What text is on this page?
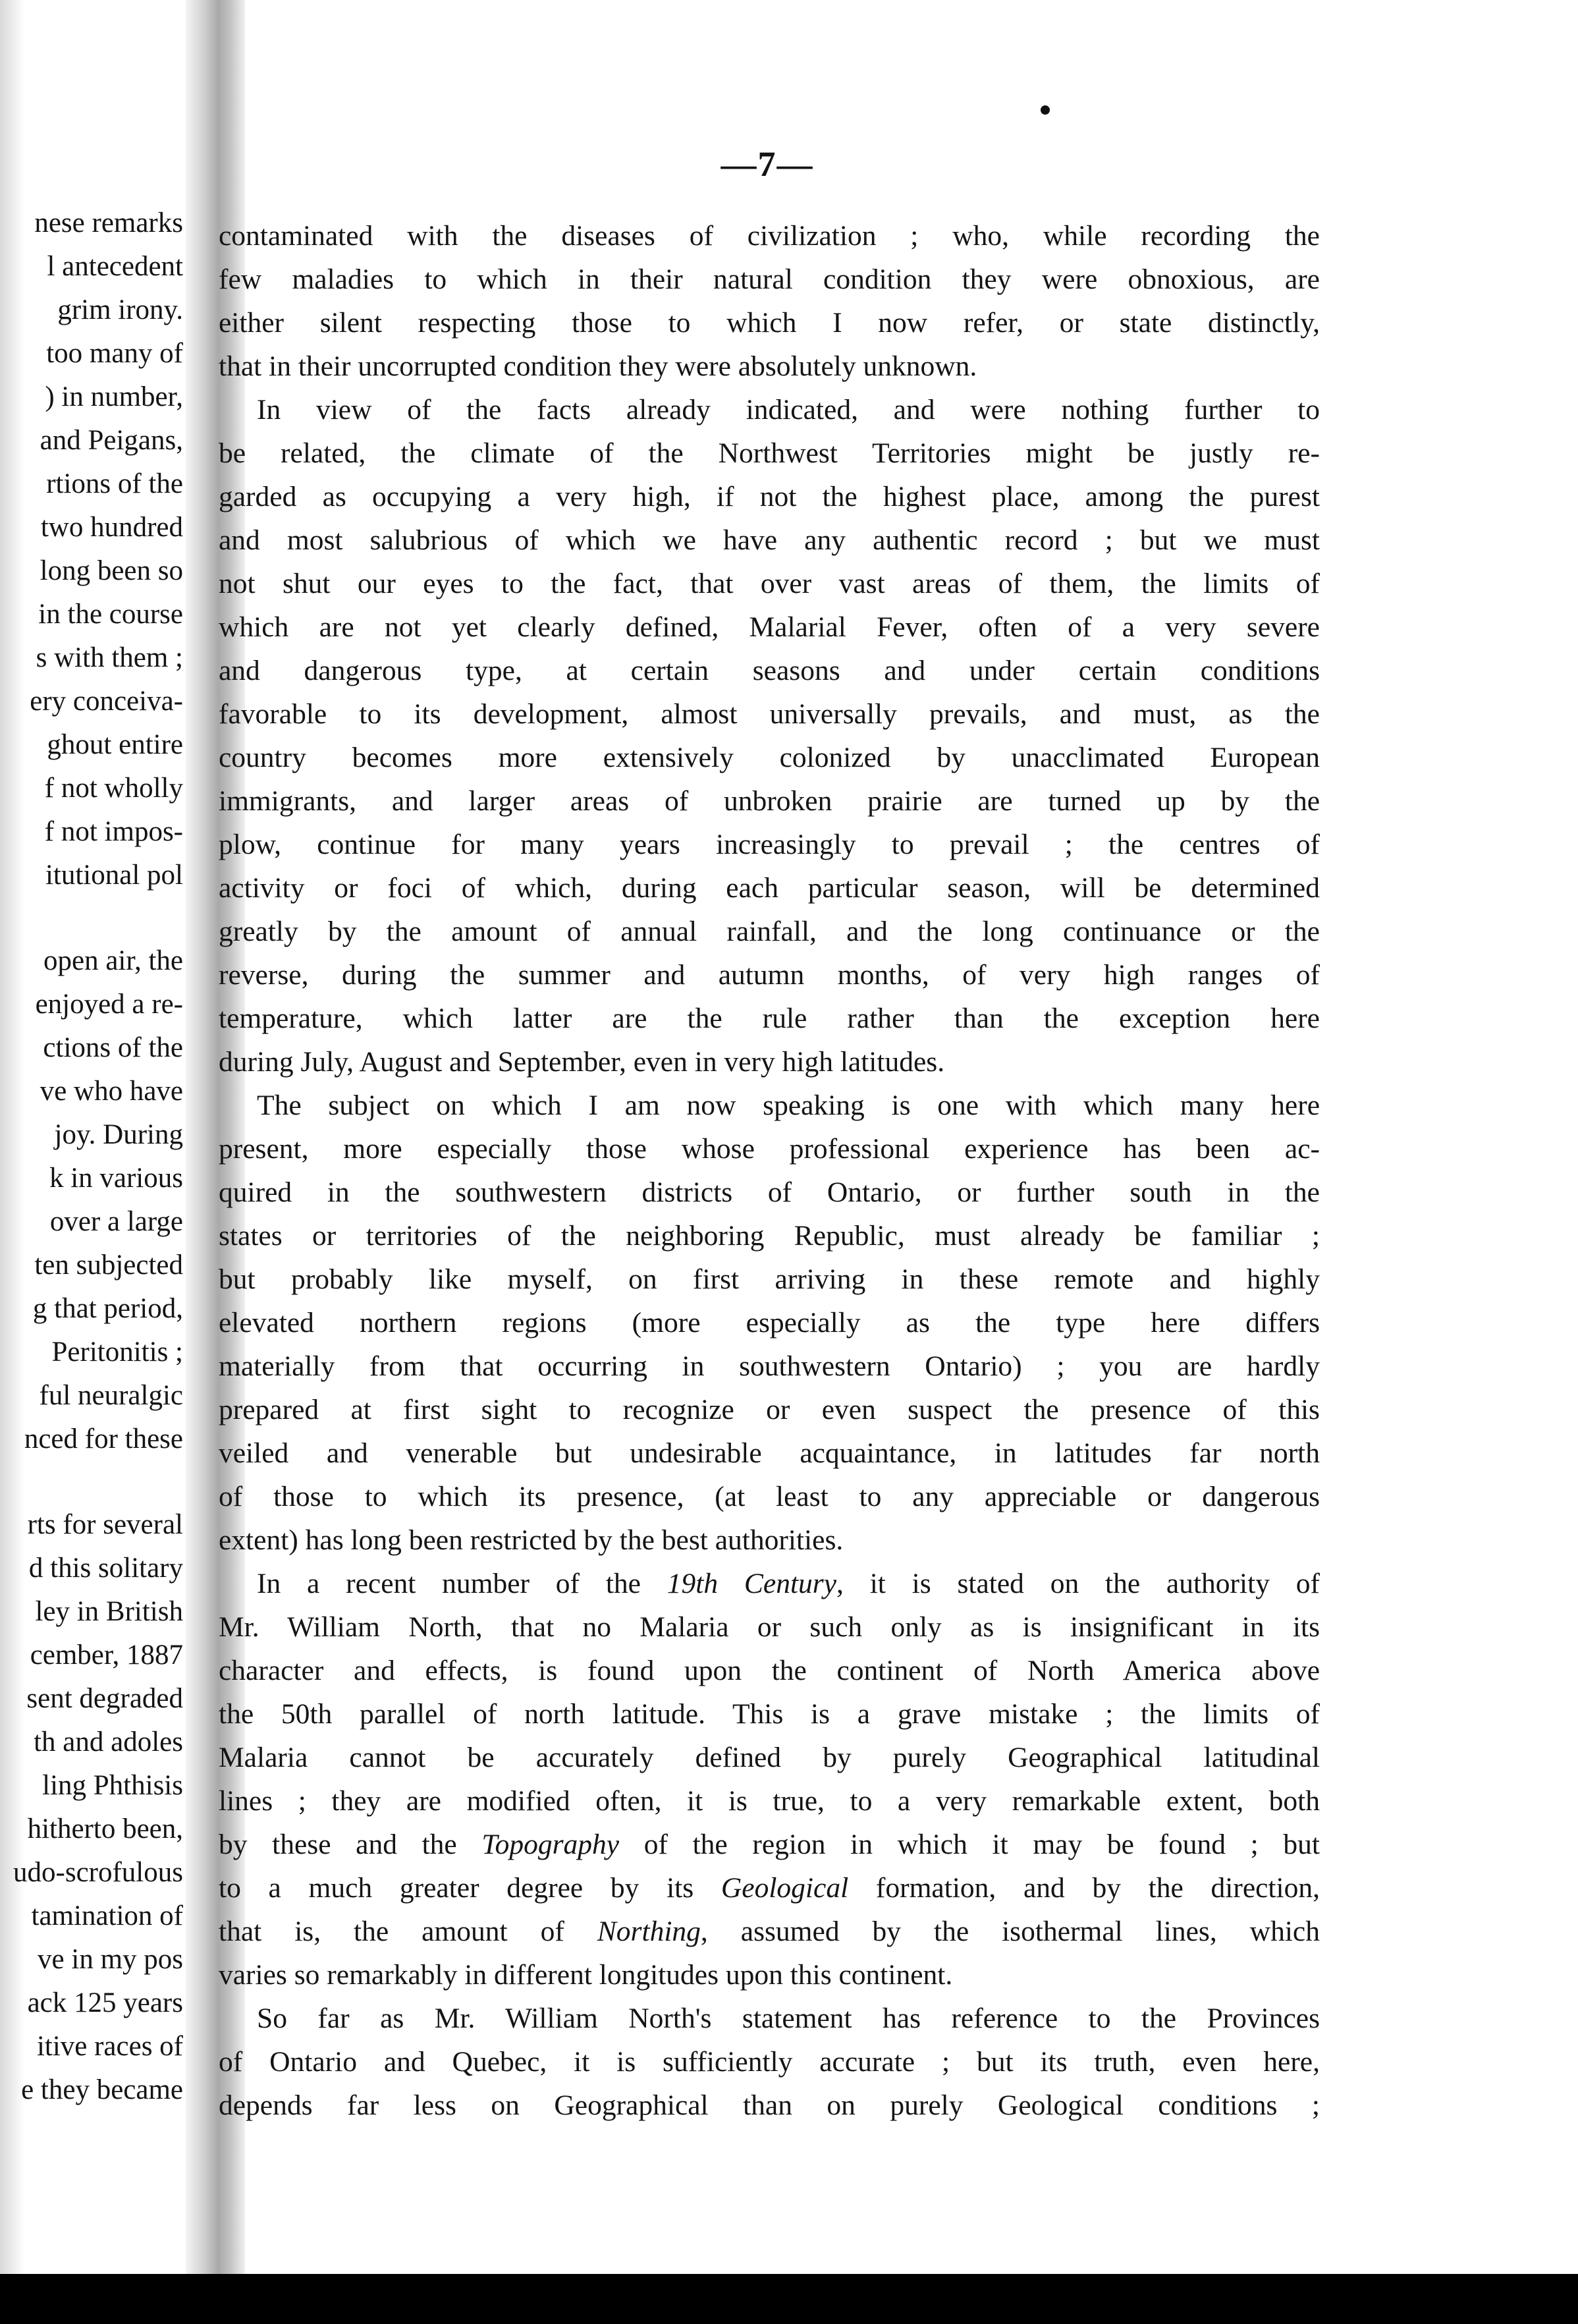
nese remarks
l antecedent
grim irony.
too many of
) in number,
and Peigans,
rtions of the
two hundred
long been so
in the course
s with them ;
ery conceiva-
ghout entire
f not wholly
f not impos-
itutional pol
open air, the
enjoyed a re-
ctions of the
ve who have
joy. During
k in various
over a large
ten subjected
g that period,
Peritonitis ;
ful neuralgic
nced for these
rts for several
d this solitary
ley in British
cember, 1887
sent degraded
th and adoles
ling Phthisis
hitherto been,
udo-scrofulous
tamination of
ve in my pos
ack 125 years
itive races of
e they became
—7—
contaminated with the diseases of civilization ; who, while recording the
few maladies to which in their natural condition they were obnoxious, are
either silent respecting those to which I now refer, or state distinctly,
that in their uncorrupted condition they were absolutely unknown.
In view of the facts already indicated, and were nothing further to
be related, the climate of the Northwest Territories might be justly re-
garded as occupying a very high, if not the highest place, among the purest
and most salubrious of which we have any authentic record ; but we must
not shut our eyes to the fact, that over vast areas of them, the limits of
which are not yet clearly defined, Malarial Fever, often of a very severe
and dangerous type, at certain seasons and under certain conditions
favorable to its development, almost universally prevails, and must, as the
country becomes more extensively colonized by unacclimated European
immigrants, and larger areas of unbroken prairie are turned up by the
plow, continue for many years increasingly to prevail ; the centres of
activity or foci of which, during each particular season, will be determined
greatly by the amount of annual rainfall, and the long continuance or the
reverse, during the summer and autumn months, of very high ranges of
temperature, which latter are the rule rather than the exception here
during July, August and September, even in very high latitudes.
The subject on which I am now speaking is one with which many here
present, more especially those whose professional experience has been ac-
quired in the southwestern districts of Ontario, or further south in the
states or territories of the neighboring Republic, must already be familiar ;
but probably like myself, on first arriving in these remote and highly
elevated northern regions (more especially as the type here differs
materially from that occurring in southwestern Ontario) ; you are hardly
prepared at first sight to recognize or even suspect the presence of this
veiled and venerable but undesirable acquaintance, in latitudes far north
of those to which its presence, (at least to any appreciable or dangerous
extent) has long been restricted by the best authorities.
In a recent number of the 19th Century, it is stated on the authority of
Mr. William North, that no Malaria or such only as is insignificant in its
character and effects, is found upon the continent of North America above
the 50th parallel of north latitude. This is a grave mistake ; the limits of
Malaria cannot be accurately defined by purely Geographical latitudinal
lines ; they are modified often, it is true, to a very remarkable extent, both
by these and the Topography of the region in which it may be found ; but
to a much greater degree by its Geological formation, and by the direction,
that is, the amount of Northing, assumed by the isothermal lines, which
varies so remarkably in different longitudes upon this continent.
So far as Mr. William North's statement has reference to the Provinces
of Ontario and Quebec, it is sufficiently accurate ; but its truth, even here,
depends far less on Geographical than on purely Geological conditions ;
